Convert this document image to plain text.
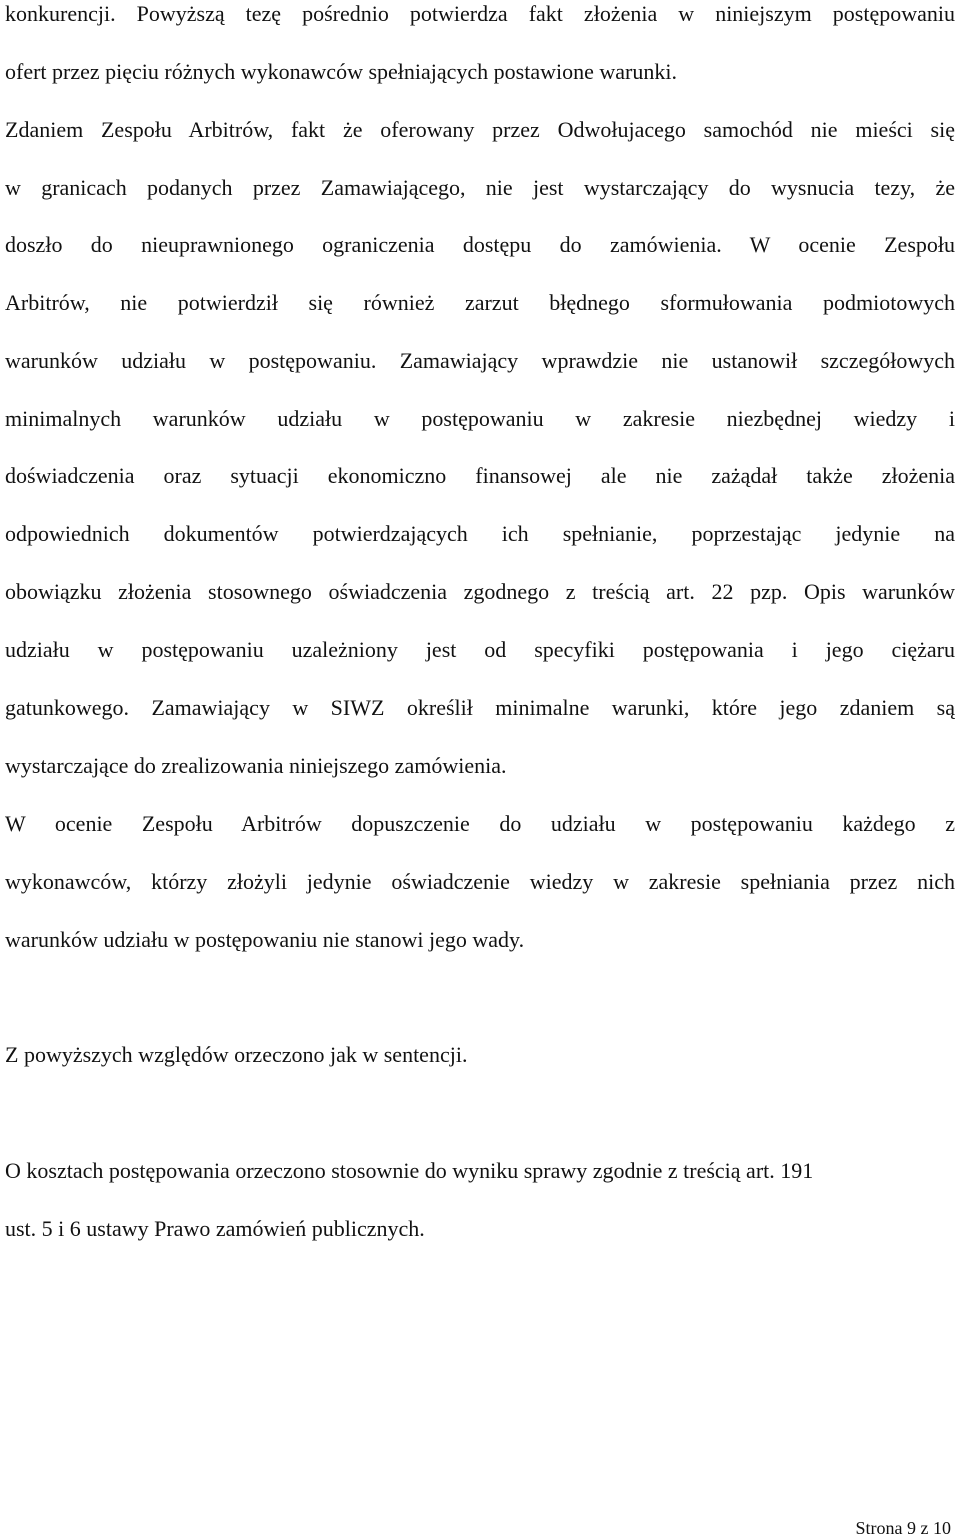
konkurencji. Powyższą tezę pośrednio potwierdza fakt złożenia w niniejszym postępowaniu
ofert przez pięciu różnych wykonawców spełniających postawione warunki.
Zdaniem Zespołu Arbitrów, fakt że oferowany przez Odwołujacego samochód nie mieści się
w granicach podanych przez Zamawiającego, nie jest wystarczający do wysnucia tezy, że
doszło do nieuprawnionego ograniczenia dostępu do zamówienia. W ocenie Zespołu
Arbitrów, nie potwierdził się również zarzut błędnego sformułowania podmiotowych
warunków udziału w postępowaniu. Zamawiający wprawdzie nie ustanowił szczegółowych
minimalnych warunków udziału w postępowaniu w zakresie niezbędnej wiedzy i
doświadczenia oraz sytuacji ekonomiczno finansowej ale nie zażądał także złożenia
odpowiednich dokumentów potwierdzających ich spełnianie, poprzestając jedynie na
obowiązku złożenia stosownego oświadczenia zgodnego z treścią art. 22 pzp. Opis warunków
udziału w postępowaniu uzależniony jest od specyfiki postępowania i jego ciężaru
gatunkowego. Zamawiający w SIWZ określił minimalne warunki, które jego zdaniem są
wystarczające do zrealizowania niniejszego zamówienia.
W ocenie Zespołu Arbitrów dopuszczenie do udziału w postępowaniu każdego z
wykonawców, którzy złożyli jedynie oświadczenie wiedzy w zakresie spełniania przez nich
warunków udziału w postępowaniu nie stanowi jego wady.
Z powyższych względów orzeczono jak w sentencji.
O kosztach postępowania orzeczono stosownie do wyniku sprawy zgodnie z treścią art. 191
ust. 5 i 6 ustawy Prawo zamówień publicznych.
Strona 9 z 10
